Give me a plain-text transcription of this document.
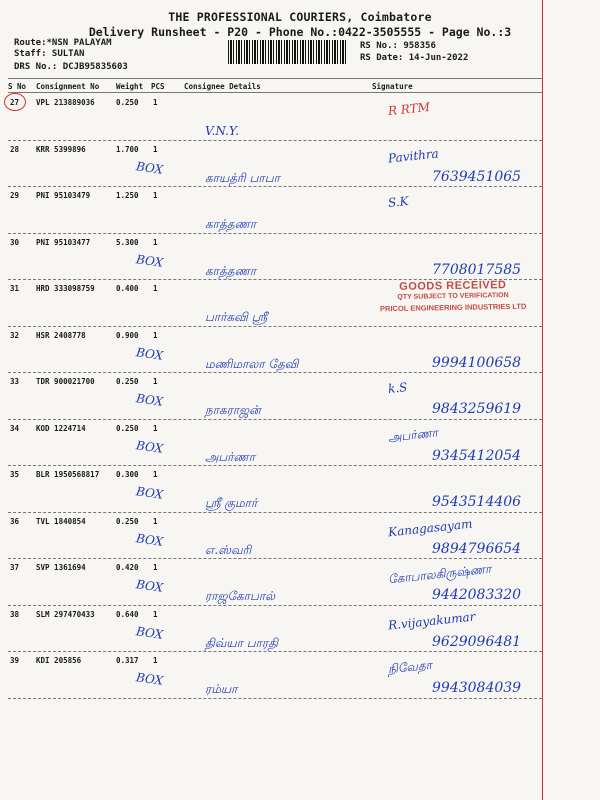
THE PROFESSIONAL COURIERS, Coimbatore
Delivery Runsheet - P20 - Phone No.:0422-3505555 - Page No.:3
Route:*NSN PALAYAM
Staff: SULTAN
DRS No.: DCJB95835603
RS No.: 958356
RS Date: 14-Jun-2022
S No Consignment No Weight PCS	Consignee Details	Signature
27 VPL 213889036	0.250 1
V.N.Y.
R RTM
28 KRR 5399896	1.700 1
BOX
காயத்ரி பாபா
Pavithra
7639451065
29 PNI 95103479	1.250 1
காத்தணா
S.K
30 PNI 95103477	5.300 1
BOX
காத்தணா	7708017585
31 HRD 333098759	0.400 1
பார்கவி ஸ்ரீ
32 HSR 2408778	0.900 1
BOX
மணிமாலா தேவி	9994100658
33 TDR 900021700	0.250 1
BOX
நாகராஜன்
k.S
9843259619
34 KOD 1224714	0.250 1
BOX
அபர்ணா
அபர்ணா
9345412054
35 BLR 1950568817 0.300 1
BOX
ஸ்ரீ குமார்	9543514406
36 TVL 1840854	0.250 1
BOX
எ.ஸ்வரி
Kanagasayam
9894796654
37 SVP 1361694	0.420 1
BOX
ராஜகோபால்
கோபாலகிருஷ்ணா
9442083320
38 SLM 297470433	0.640 1
BOX
திவ்யா பாரதி
R.vijayakumar
9629096481
39 KDI 205856	0.317 1
BOX
ரம்யா
நிவேதா
9943084039
GOODS RECEIVED
QTY SUBJECT TO VERIFICATION
PRICOL ENGINEERING INDUSTRIES LTD
